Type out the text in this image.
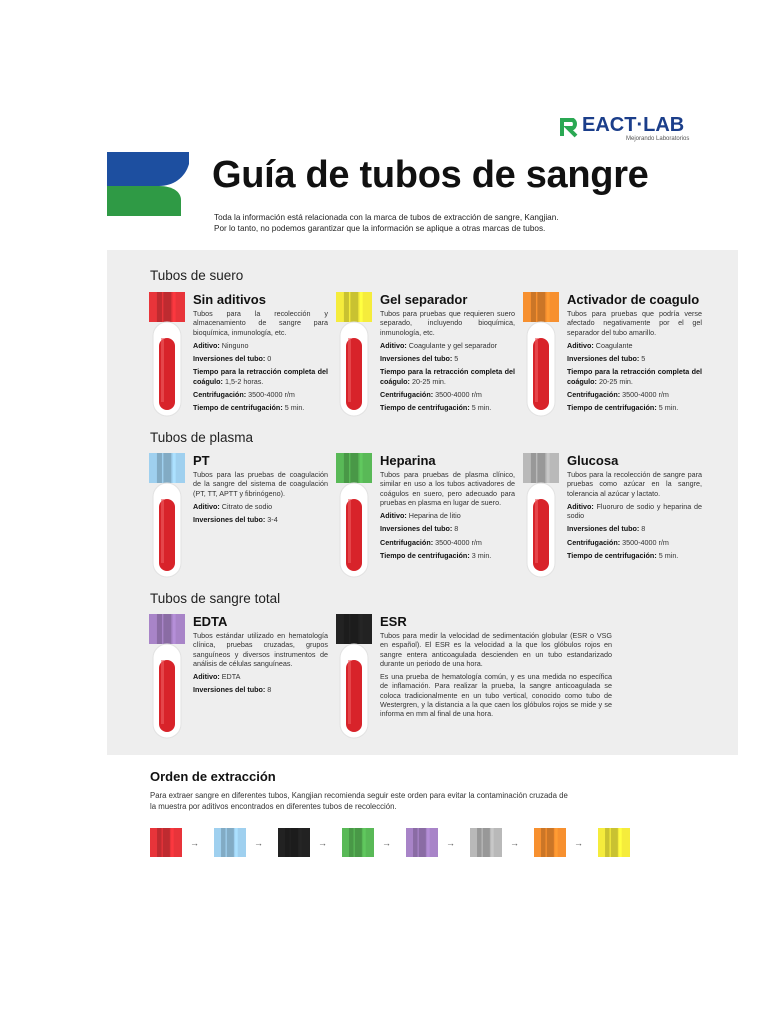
EACT·LAB
Mejorando Laboratorios
Guía de tubos de sangre
Toda la información está relacionada con la marca de tubos de extracción de sangre, Kangjian.
Por lo tanto, no podemos garantizar que la información se aplique a otras marcas de tubos.
Tubos de suero
Tubos de plasma
Tubos de sangre total
Sin aditivos

Tubos para la recolección y almacenamiento de sangre para bioquímica, inmunología, etc.

Aditivo: Ninguno

Inversiones del tubo: 0

Tiempo para la retracción completa del coágulo: 1,5-2 horas.

Centrifugación: 3500-4000 r/m

Tiempo de centrifugación: 5 min.

Gel separador

Tubos para pruebas que requieren suero separado, incluyendo bioquímica, inmunología, etc.

Aditivo: Coagulante y gel separador

Inversiones del tubo: 5

Tiempo para la retracción completa del coágulo: 20-25 min.

Centrifugación: 3500-4000 r/m

Tiempo de centrifugación: 5 min.

Activador de coagulo

Tubos para pruebas que podría verse afectado negativamente por el gel separador del tubo amarillo.

Aditivo: Coagulante

Inversiones del tubo: 5

Tiempo para la retracción completa del coágulo: 20-25 min.

Centrifugación: 3500-4000 r/m

Tiempo de centrifugación: 5 min.

PT

Tubos para las pruebas de coagulación de la sangre del sistema de coagulación (PT, TT, APTT y fibrinógeno).

Aditivo: Citrato de sodio

Inversiones del tubo: 3-4

Heparina

Tubos para pruebas de plasma clínico, similar en uso a los tubos activadores de coágulos en suero, pero adecuado para pruebas en plasma en lugar de suero.

Aditivo: Heparina de litio

Inversiones del tubo: 8

Centrifugación: 3500-4000 r/m

Tiempo de centrifugación: 3 min.

Glucosa

Tubos para la recolección de sangre para pruebas como azúcar en la sangre, tolerancia al azúcar y lactato.

Aditivo: Fluoruro de sodio y heparina de sodio

Inversiones del tubo: 8

Centrifugación: 3500-4000 r/m

Tiempo de centrifugación: 5 min.

EDTA

Tubos estándar utilizado en hematología clínica, pruebas cruzadas, grupos sanguíneos y diversos instrumentos de análisis de células sanguíneas.

Aditivo: EDTA

Inversiones del tubo: 8

ESR

Tubos para medir la velocidad de sedimentación globular (ESR o VSG en español). El ESR es la velocidad a la que los glóbulos rojos en sangre entera anticoagulada descienden en un tubo estandarizado durante un periodo de una hora.

Es una prueba de hematología común, y es una medida no específica de inflamación. Para realizar la prueba, la sangre anticoagulada se coloca tradicionalmente en un tubo vertical, conocido como tubo de Westergren, y la distancia a la que caen los glóbulos rojos se mide y se informa en mm al final de una hora.

Orden de extracción
Para extraer sangre en diferentes tubos, Kangjian recomienda seguir este orden para evitar la contaminación cruzada de la muestra por aditivos encontrados en diferentes tubos de recolección.
→	→	→	→	→	→	→
